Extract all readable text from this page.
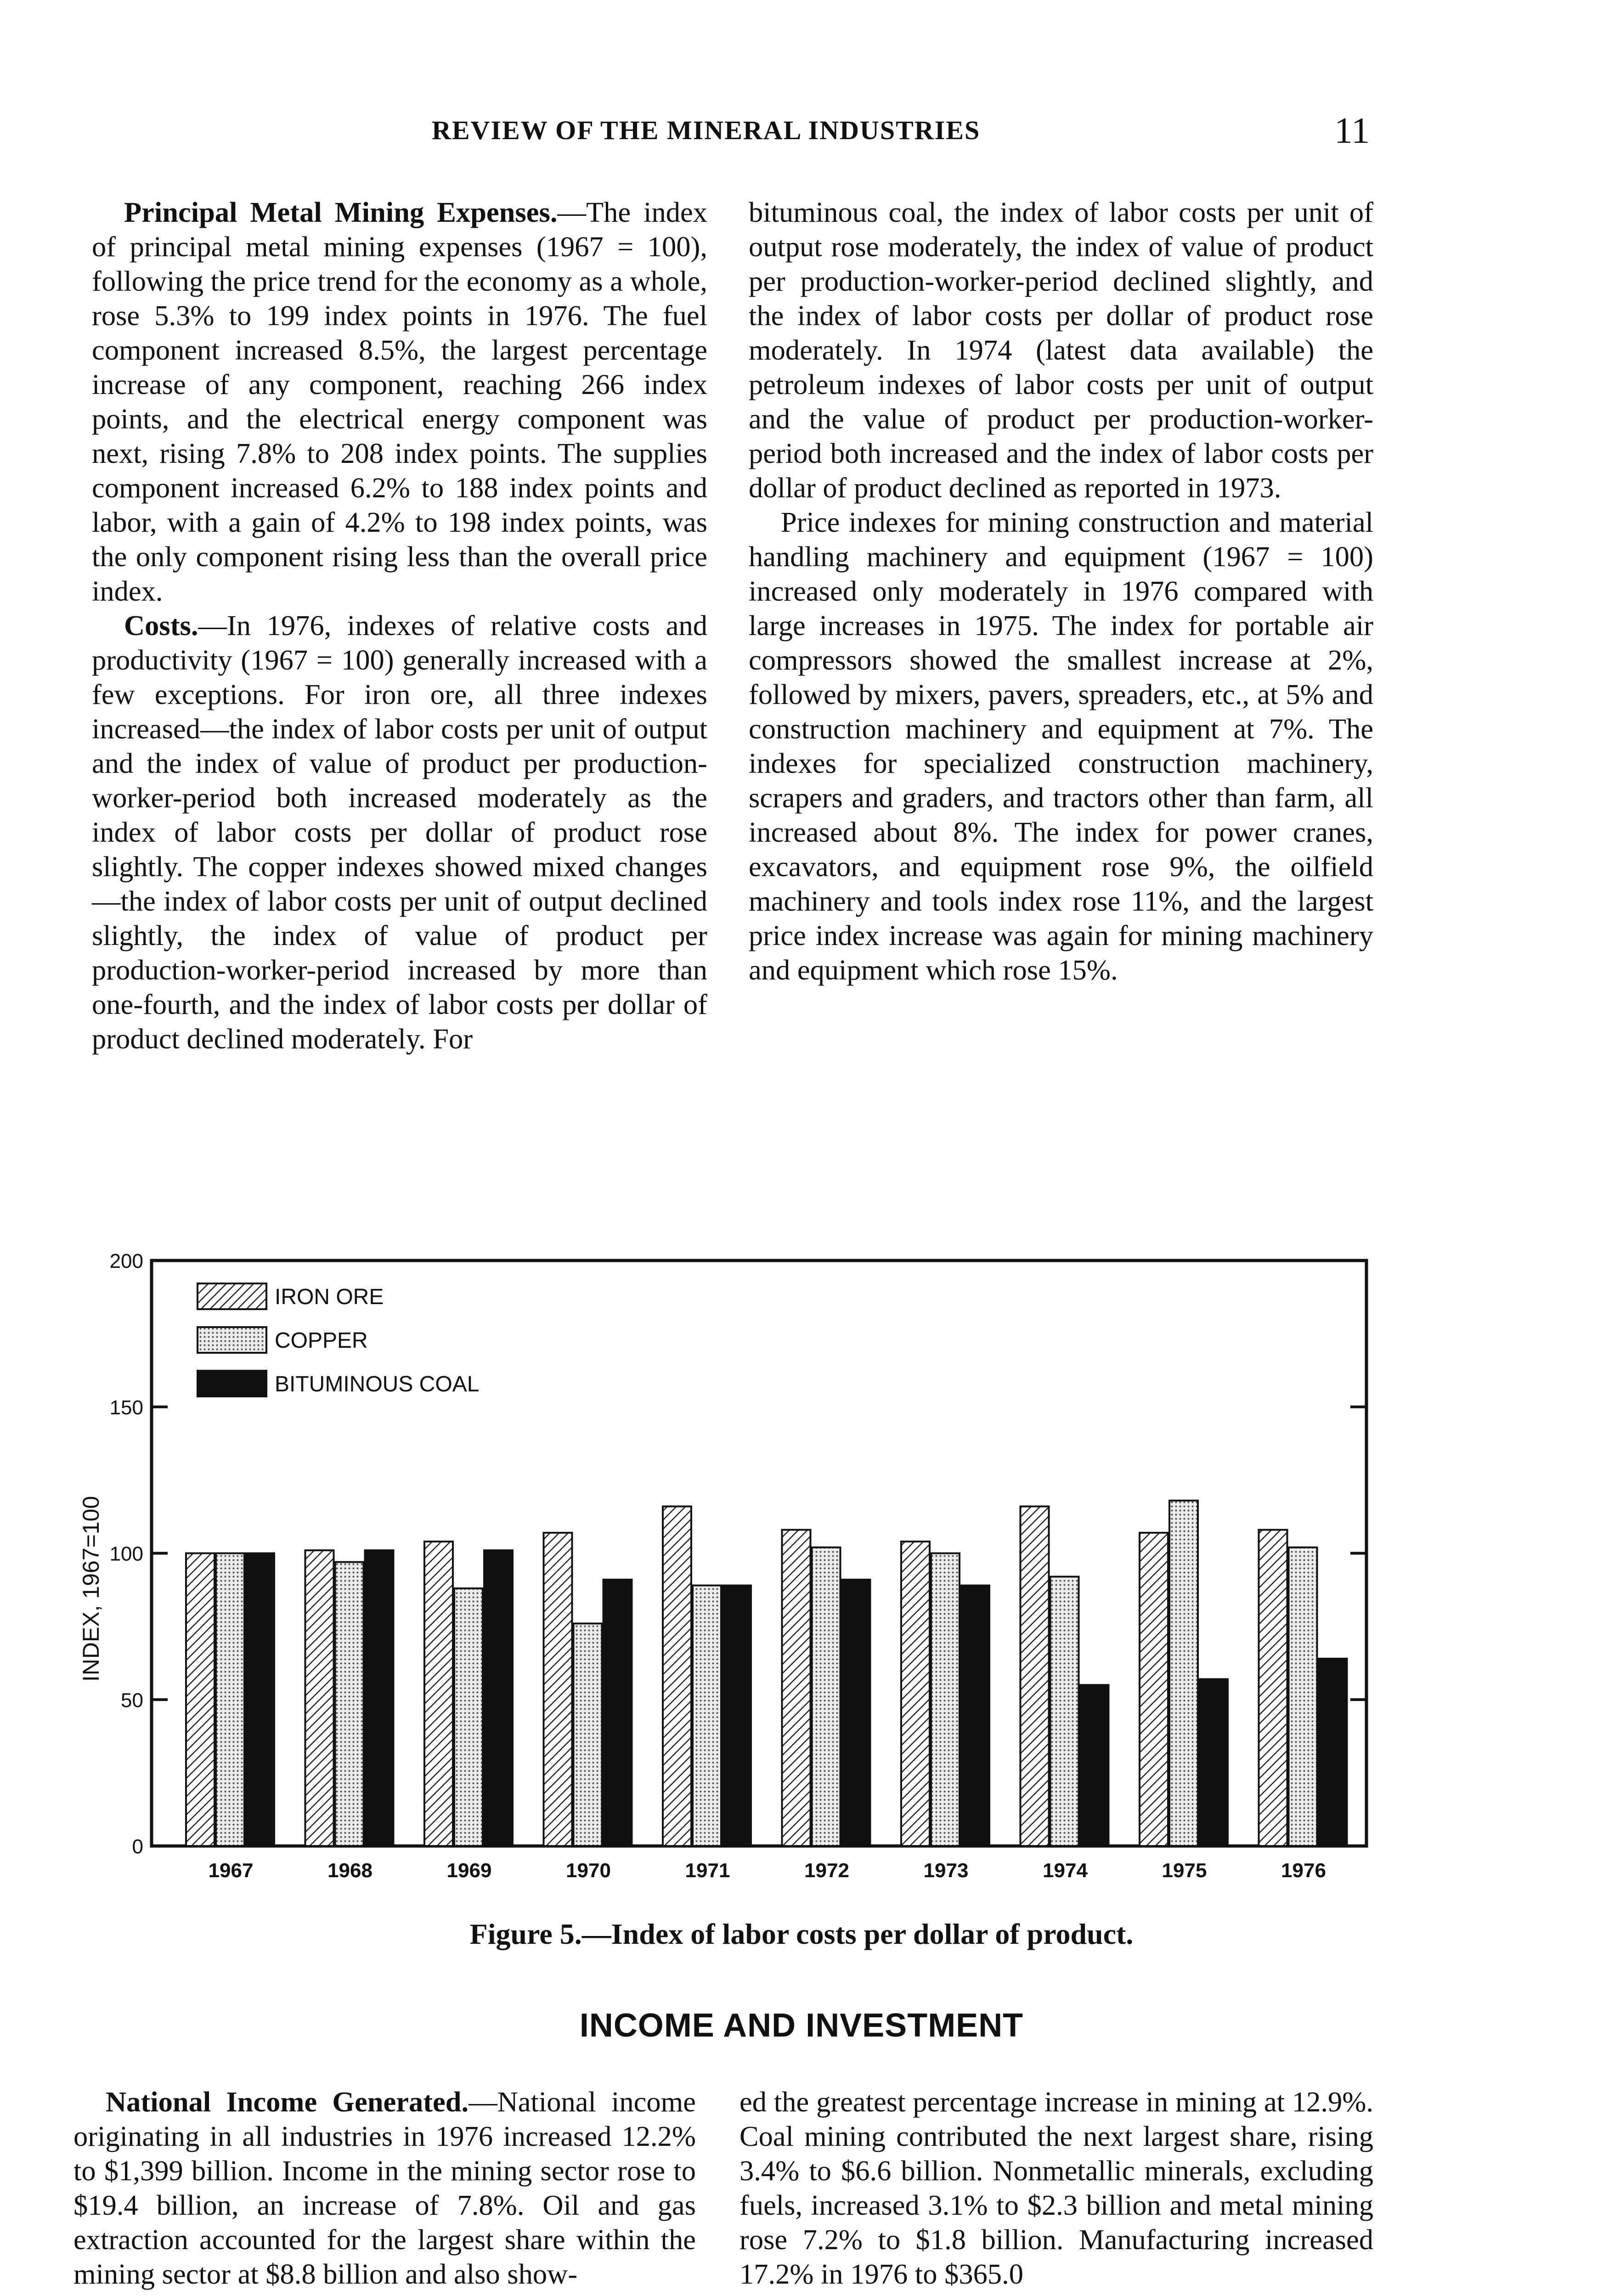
REVIEW OF THE MINERAL INDUSTRIES	11

Principal Metal Mining Expenses.—The index of principal metal mining expenses (1967 = 100), following the price trend for the economy as a whole, rose 5.3% to 199 index points in 1976. The fuel component increased 8.5%, the largest percentage increase of any component, reaching 266 index points, and the electrical energy component was next, rising 7.8% to 208 index points. The supplies component increased 6.2% to 188 index points and labor, with a gain of 4.2% to 198 index points, was the only component rising less than the overall price index.

Costs.—In 1976, indexes of relative costs and productivity (1967 = 100) generally increased with a few exceptions. For iron ore, all three indexes increased—the index of labor costs per unit of output and the index of value of product per production-worker-period both increased moderately as the index of labor costs per dollar of product rose slightly. The copper indexes showed mixed changes—the index of labor costs per unit of output declined slightly, the index of value of product per production-worker-period increased by more than one-fourth, and the index of labor costs per dollar of product declined moderately. For

bituminous coal, the index of labor costs per unit of output rose moderately, the index of value of product per production-worker-period declined slightly, and the index of labor costs per dollar of product rose moderately. In 1974 (latest data available) the petroleum indexes of labor costs per unit of output and the value of product per production-worker-period both increased and the index of labor costs per dollar of product declined as reported in 1973.

Price indexes for mining construction and material handling machinery and equipment (1967 = 100) increased only moderately in 1976 compared with large increases in 1975. The index for portable air compressors showed the smallest increase at 2%, followed by mixers, pavers, spreaders, etc., at 5% and construction machinery and equipment at 7%. The indexes for specialized construction machinery, scrapers and graders, and tractors other than farm, all increased about 8%. The index for power cranes, excavators, and equipment rose 9%, the oilfield machinery and tools index rose 11%, and the largest price index increase was again for mining machinery and equipment which rose 15%.

0
50
100
150
200
1967	1968	1969	1970	1971	1972	1973	1974	1975	1976
INDEX, 1967=100
IRON ORE
COPPER
BITUMINOUS COAL
Figure 5.—Index of labor costs per dollar of product.
INCOME AND INVESTMENT

National Income Generated.—National income originating in all industries in 1976 increased 12.2% to $1,399 billion. Income in the mining sector rose to $19.4 billion, an increase of 7.8%. Oil and gas extraction accounted for the largest share within the mining sector at $8.8 billion and also show-

ed the greatest percentage increase in mining at 12.9%. Coal mining contributed the next largest share, rising 3.4% to $6.6 billion. Nonmetallic minerals, excluding fuels, increased 3.1% to $2.3 billion and metal mining rose 7.2% to $1.8 billion. Manufacturing increased 17.2% in 1976 to $365.0
